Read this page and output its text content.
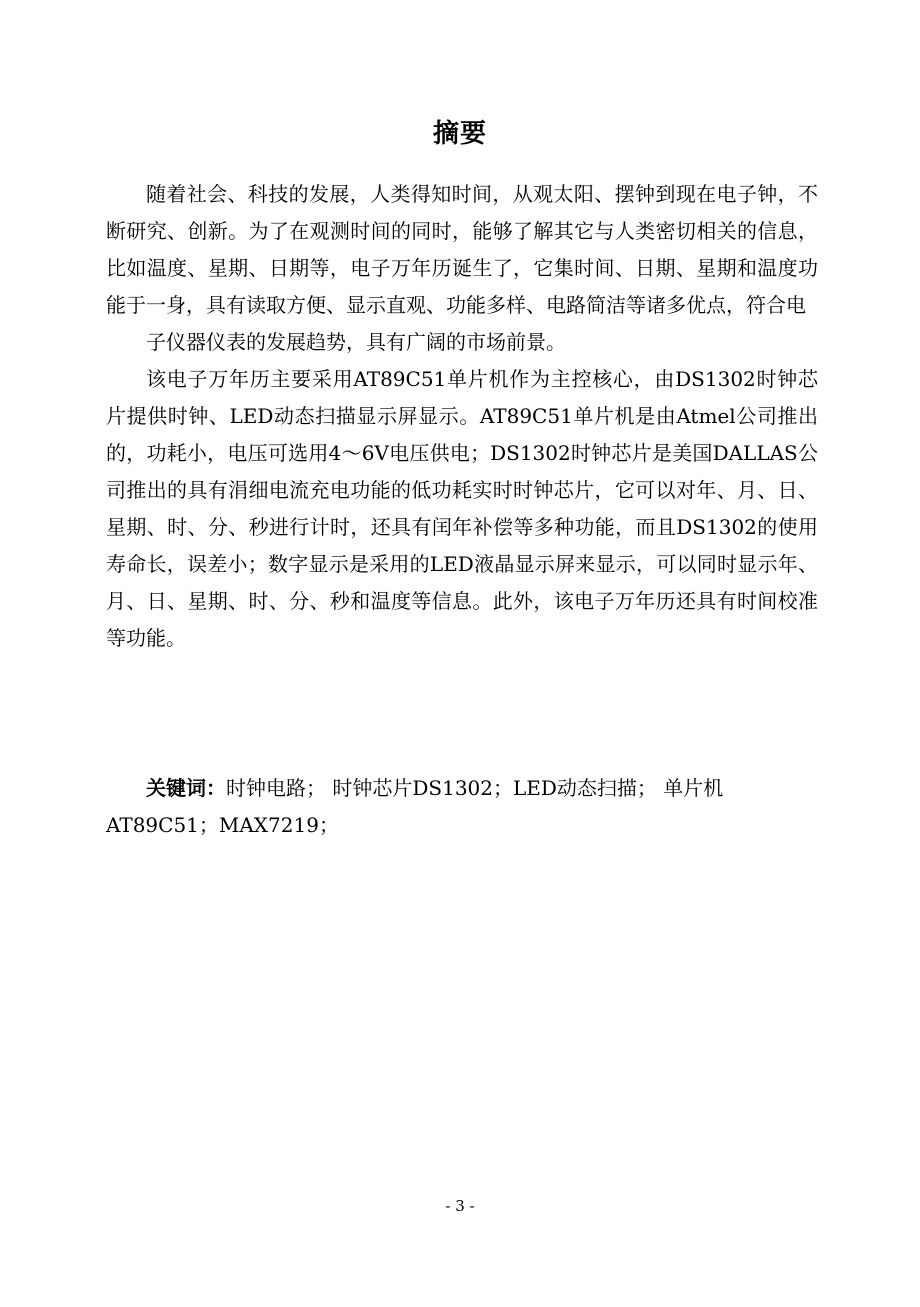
摘要

随着社会、科技的发展，人类得知时间，从观太阳、摆钟到现在电子钟，不断研究、创新。为了在观测时间的同时，能够了解其它与人类密切相关的信息，比如温度、星期、日期等，电子万年历诞生了，它集时间、日期、星期和温度功能于一身，具有读取方便、显示直观、功能多样、电路简洁等诸多优点，符合电

子仪器仪表的发展趋势，具有广阔的市场前景。

该电子万年历主要采用AT89C51单片机作为主控核心，由DS1302时钟芯片提供时钟、LED动态扫描显示屏显示。AT89C51单片机是由Atmel公司推出的，功耗小，电压可选用4～6V电压供电；DS1302时钟芯片是美国DALLAS公司推出的具有涓细电流充电功能的低功耗实时时钟芯片，它可以对年、月、日、星期、时、分、秒进行计时，还具有闰年补偿等多种功能，而且DS1302的使用寿命长，误差小；数字显示是采用的LED液晶显示屏来显示，可以同时显示年、月、日、星期、时、分、秒和温度等信息。此外，该电子万年历还具有时间校准等功能。

关键词：时钟电路； 时钟芯片DS1302；LED动态扫描； 单片机AT89C51；MAX7219；

- 3 -
